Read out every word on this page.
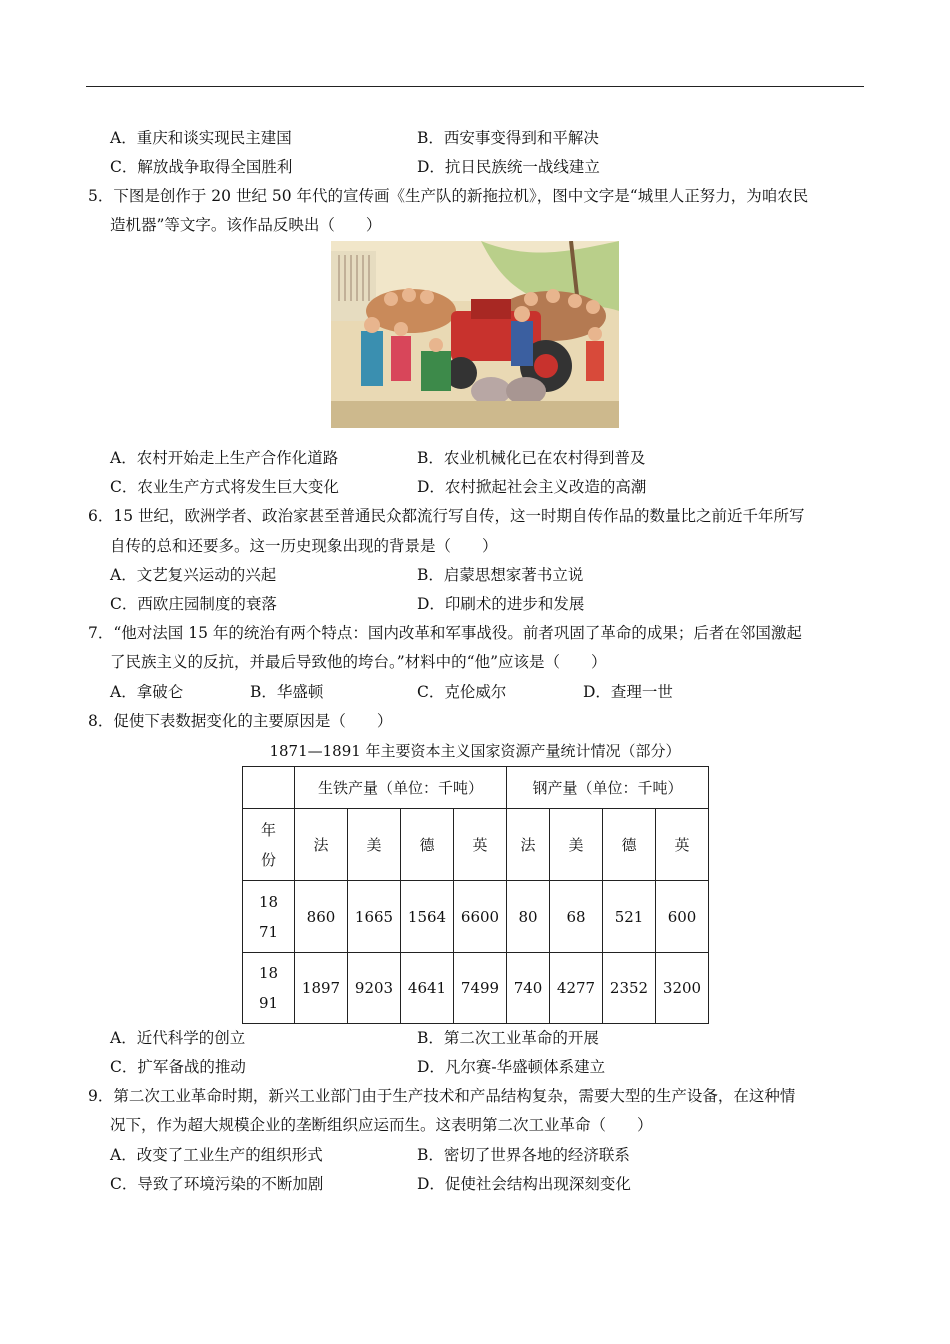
A．重庆和谈实现民主建国	B．西安事变得到和平解决
C．解放战争取得全国胜利	D．抗日民族统一战线建立
5．下图是创作于 20 世纪 50 年代的宣传画《生产队的新拖拉机》，图中文字是“城里人正努力，为咱农民
造机器”等文字。该作品反映出（　　）
A．农村开始走上生产合作化道路	B．农业机械化已在农村得到普及
C．农业生产方式将发生巨大变化	D．农村掀起社会主义改造的高潮
6．15 世纪，欧洲学者、政治家甚至普通民众都流行写自传，这一时期自传作品的数量比之前近千年所写
自传的总和还要多。这一历史现象出现的背景是（　　）
A．文艺复兴运动的兴起	B．启蒙思想家著书立说
C．西欧庄园制度的衰落	D．印刷术的进步和发展
7．“他对法国 15 年的统治有两个特点：国内改革和军事战役。前者巩固了革命的成果；后者在邻国激起
了民族主义的反抗，并最后导致他的垮台。”材料中的“他”应该是（　　）
A．拿破仑	B．华盛顿	C．克伦威尔	D．查理一世
8．促使下表数据变化的主要原因是（　　）
1871—1891 年主要资本主义国家资源产量统计情况（部分）
	生铁产量（单位：千吨）				钢产量（单位：千吨）			
年份	法	美	德	英	法	美	德	英
1871	860	1665	1564	6600	80	68	521	600
1891	1897	9203	4641	7499	740	4277	2352	3200
A．近代科学的创立	B．第二次工业革命的开展
C．扩军备战的推动	D．凡尔赛-华盛顿体系建立
9．第二次工业革命时期，新兴工业部门由于生产技术和产品结构复杂，需要大型的生产设备，在这种情
况下，作为超大规模企业的垄断组织应运而生。这表明第二次工业革命（　　）
A．改变了工业生产的组织形式	B．密切了世界各地的经济联系
C．导致了环境污染的不断加剧	D．促使社会结构出现深刻变化
